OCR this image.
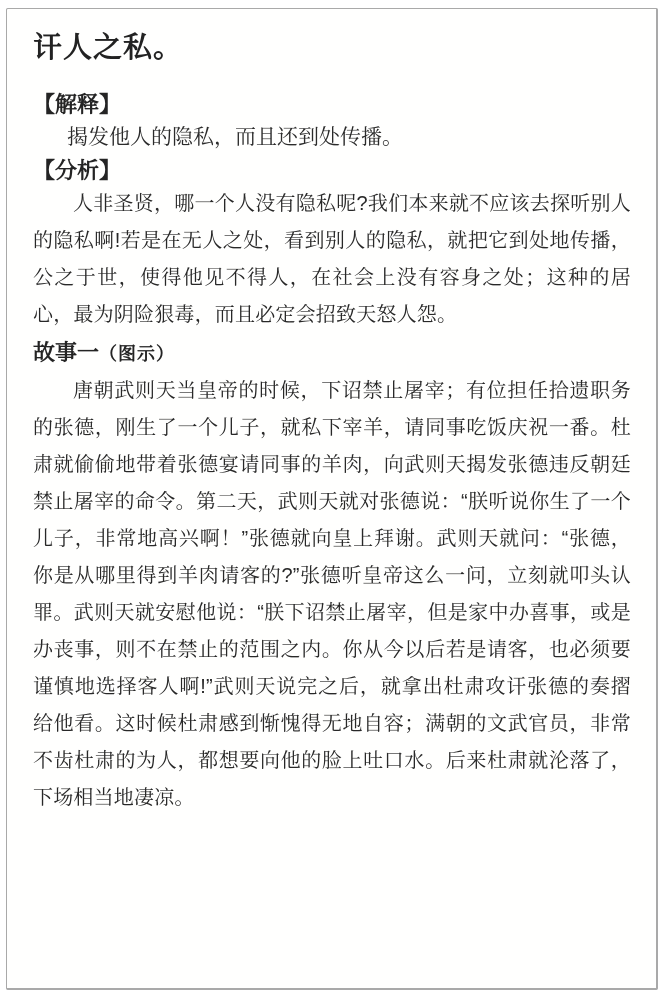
讦人之私。
【解释】

揭发他人的隐私，而且还到处传播。

【分析】

人非圣贤，哪一个人没有隐私呢?我们本来就不应该去探听别人的隐私啊!若是在无人之处，看到别人的隐私，就把它到处地传播，公之于世，使得他见不得人，在社会上没有容身之处；这种的居心，最为阴险狠毒，而且必定会招致天怒人怨。

故事一（图示）

唐朝武则天当皇帝的时候，下诏禁止屠宰；有位担任拾遗职务的张德，刚生了一个儿子，就私下宰羊，请同事吃饭庆祝一番。杜肃就偷偷地带着张德宴请同事的羊肉，向武则天揭发张德违反朝廷禁止屠宰的命令。第二天，武则天就对张德说：“朕听说你生了一个儿子，非常地高兴啊！”张德就向皇上拜谢。武则天就问：“张德，你是从哪里得到羊肉请客的?”张德听皇帝这么一问，立刻就叩头认罪。武则天就安慰他说：“朕下诏禁止屠宰，但是家中办喜事，或是办丧事，则不在禁止的范围之内。你从今以后若是请客，也必须要谨慎地选择客人啊!”武则天说完之后，就拿出杜肃攻讦张德的奏摺给他看。这时候杜肃感到惭愧得无地自容；满朝的文武官员，非常不齿杜肃的为人，都想要向他的脸上吐口水。后来杜肃就沦落了，下场相当地凄凉。
